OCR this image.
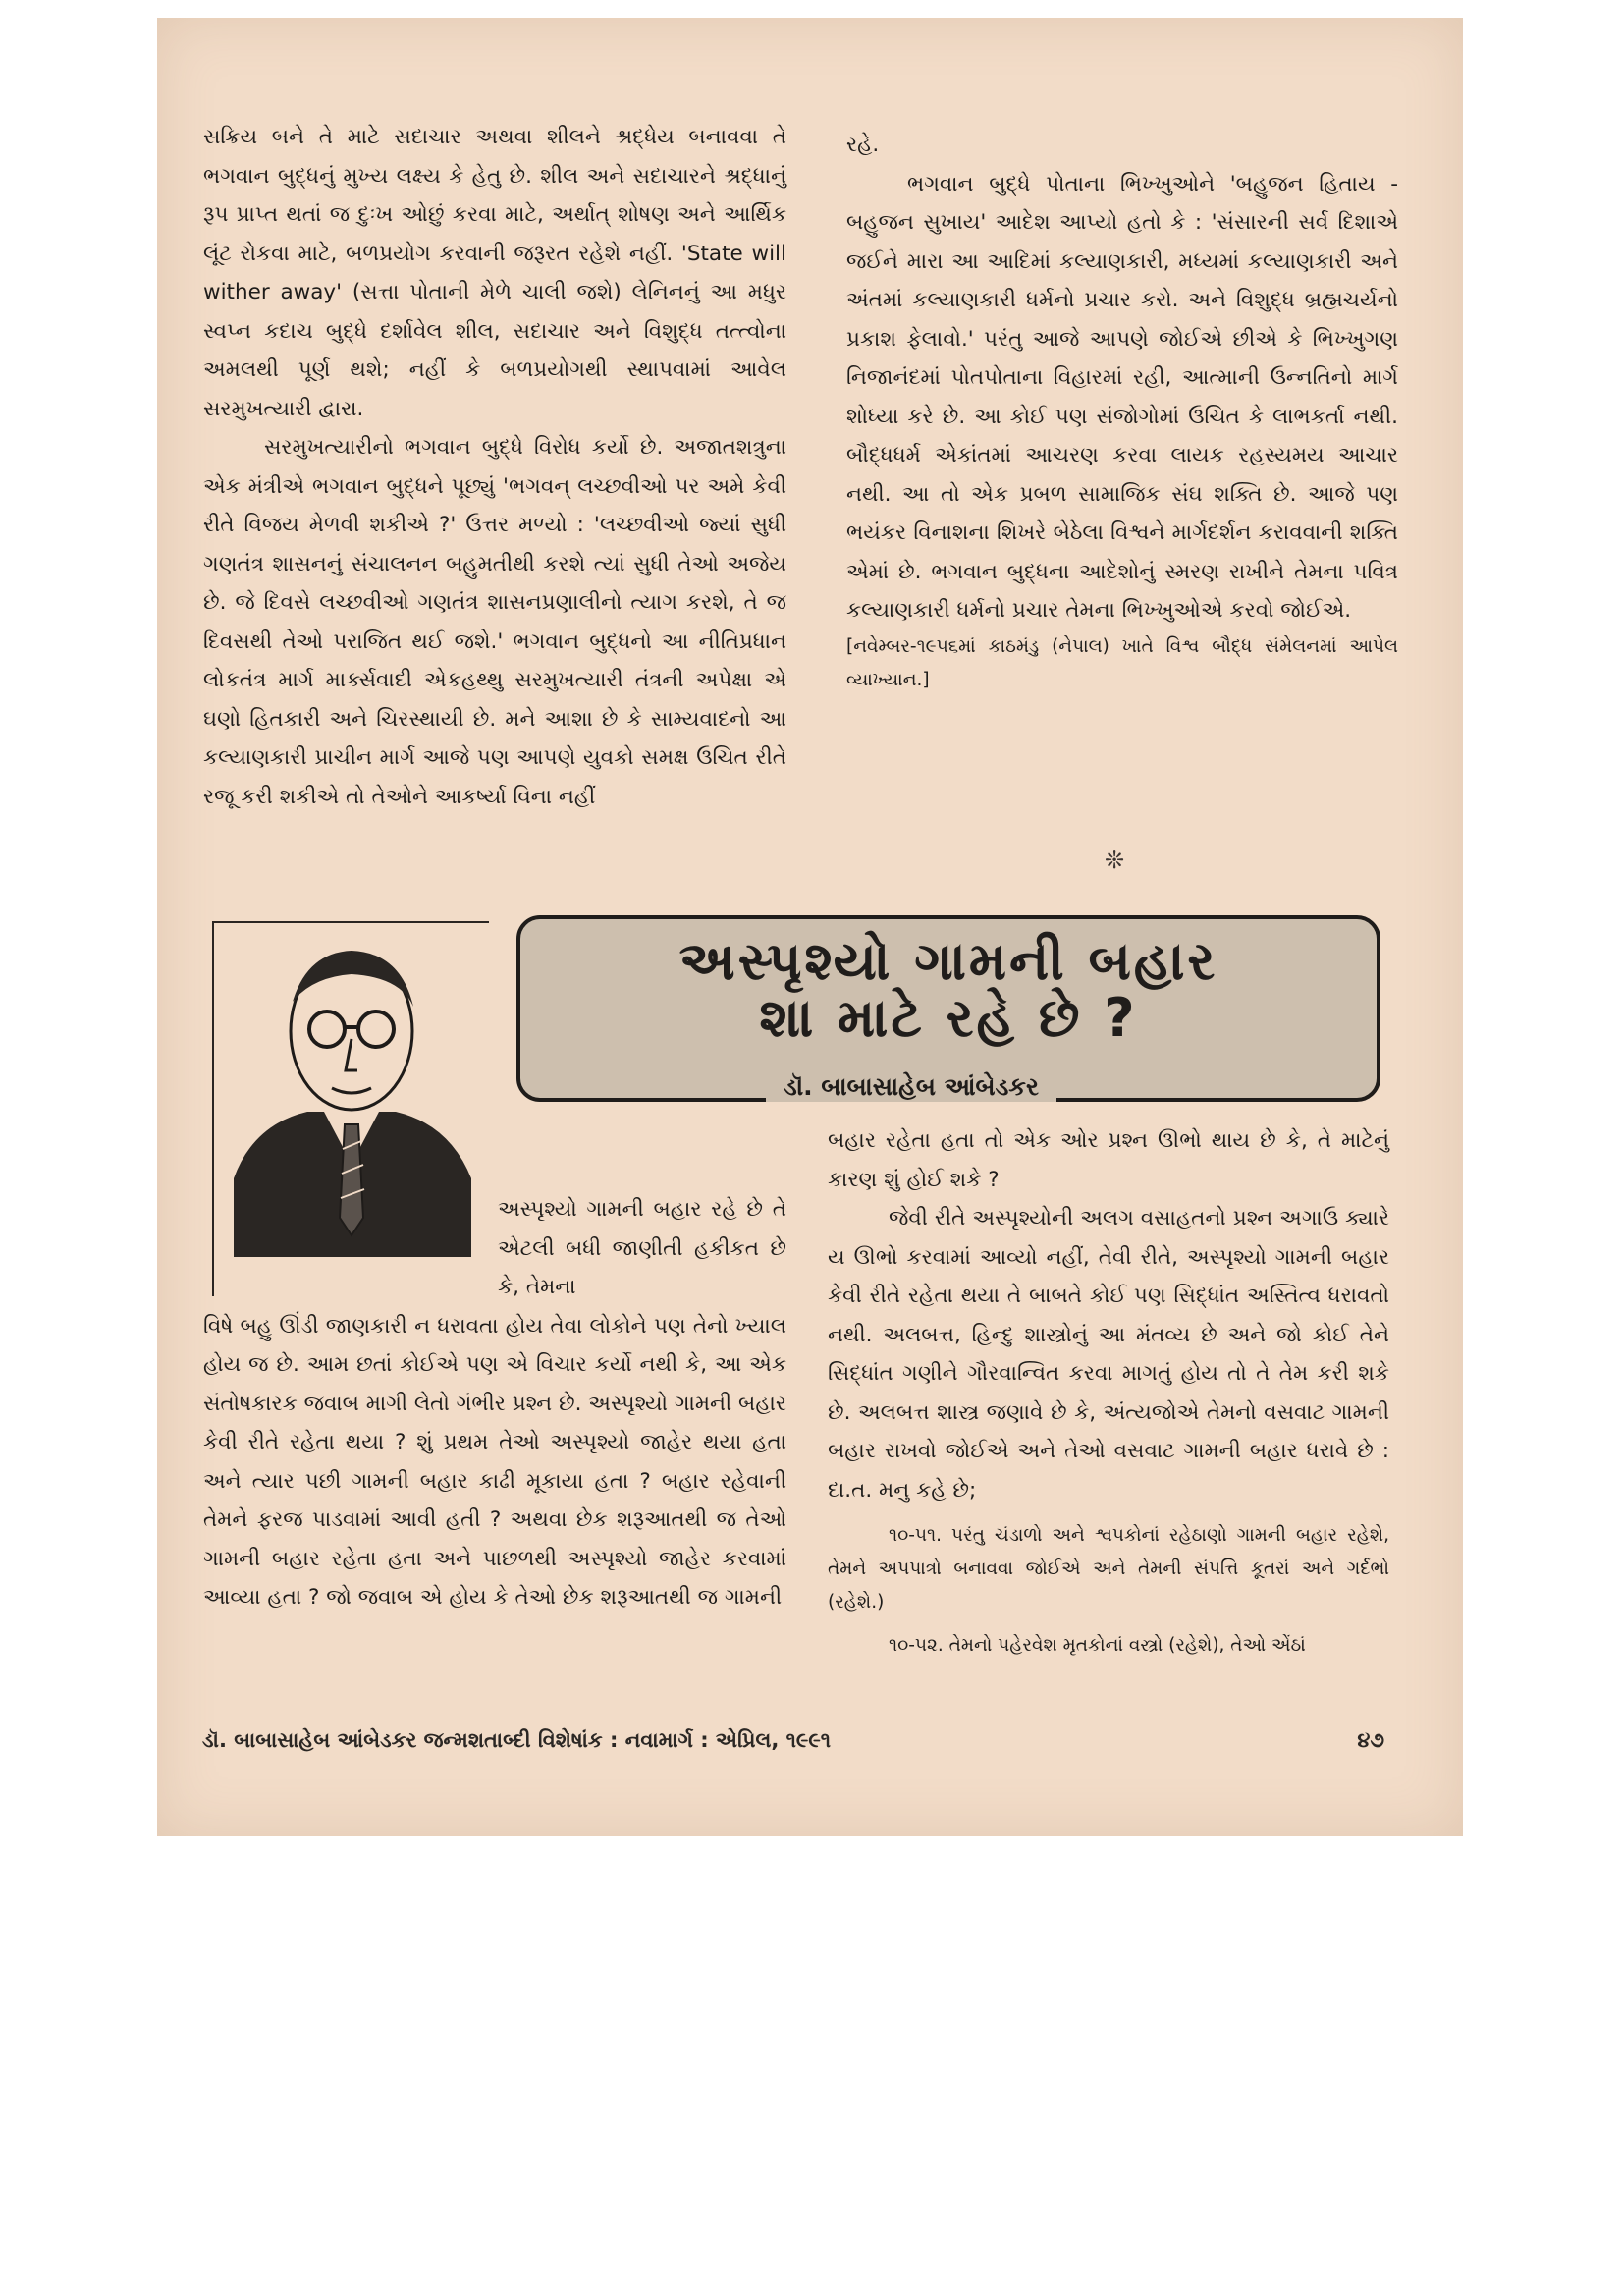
સક્રિય બને તે માટે સદાચાર અથવા શીલને શ્રદ્ધેય બનાવવા તે ભગવાન બુદ્ધનું મુખ્ય લક્ષ્ય કે હેતુ છે. શીલ અને સદાચારને શ્રદ્ધાનું રૂપ પ્રાપ્ત થતાં જ દુઃખ ઓછું કરવા માટે, અર્થાત્ શોષણ અને આર્થિક લૂંટ રોકવા માટે, બળપ્રયોગ કરવાની જરૂરત રહેશે નહીં. 'State will wither away' (સત્તા પોતાની મેળે ચાલી જશે) લેનિનનું આ મધુર સ્વપ્ન કદાચ બુદ્ધે દર્શાવેલ શીલ, સદાચાર અને વિશુદ્ધ તત્ત્વોના અમલથી પૂર્ણ થશે; નહીં કે બળપ્રયોગથી સ્થાપવામાં આવેલ સરમુખત્યારી દ્વારા.

સરમુખત્યારીનો ભગવાન બુદ્ધે વિરોધ કર્યો છે. અજાતશત્રુના એક મંત્રીએ ભગવાન બુદ્ધને પૂછ્યું 'ભગવન્ લચ્છવીઓ પર અમે કેવી રીતે વિજય મેળવી શકીએ ?' ઉત્તર મળ્યો : 'લચ્છવીઓ જ્યાં સુધી ગણતંત્ર શાસનનું સંચાલનન બહુમતીથી કરશે ત્યાં સુધી તેઓ અજેય છે. જે દિવસે લચ્છવીઓ ગણતંત્ર શાસનપ્રણાલીનો ત્યાગ કરશે, તે જ દિવસથી તેઓ પરાજિત થઈ જશે.' ભગવાન બુદ્ધનો આ નીતિપ્રધાન લોકતંત્ર માર્ગ માર્ક્સવાદી એકહથ્થુ સરમુખત્યારી તંત્રની અપેક્ષા એ ઘણો હિતકારી અને ચિરસ્થાયી છે. મને આશા છે કે સામ્યવાદનો આ કલ્યાણકારી પ્રાચીન માર્ગ આજે પણ આપણે યુવકો સમક્ષ ઉચિત રીતે રજૂ કરી શકીએ તો તેઓને આકર્ષ્યા વિના નહીં

રહે.

ભગવાન બુદ્ધે પોતાના ભિખ્ખુઓને 'બહુજન હિતાય - બહુજન સુખાય' આદેશ આપ્યો હતો કે : 'સંસારની સર્વ દિશાએ જઈને મારા આ આદિમાં કલ્યાણકારી, મધ્યમાં કલ્યાણકારી અને અંતમાં કલ્યાણકારી ધર્મનો પ્રચાર કરો. અને વિશુદ્ધ બ્રહ્મચર્યનો પ્રકાશ ફેલાવો.' પરંતુ આજે આપણે જોઈએ છીએ કે ભિખ્ખુગણ નિજાનંદમાં પોતપોતાના વિહારમાં રહી, આત્માની ઉન્નતિનો માર્ગ શોધ્યા કરે છે. આ કોઈ પણ સંજોગોમાં ઉચિત કે લાભકર્તા નથી. બૌદ્ધધર્મ એકાંતમાં આચરણ કરવા લાયક રહસ્યમય આચાર નથી. આ તો એક પ્રબળ સામાજિક સંઘ શક્તિ છે. આજે પણ ભયંકર વિનાશના શિખરે બેઠેલા વિશ્વને માર્ગદર્શન કરાવવાની શક્તિ એમાં છે. ભગવાન બુદ્ધના આદેશોનું સ્મરણ રાખીને તેમના પવિત્ર કલ્યાણકારી ધર્મનો પ્રચાર તેમના ભિખ્ખુઓએ કરવો જોઈએ.

[નવેમ્બર-૧૯૫૬માં કાઠમંડુ (નેપાલ) ખાતે વિશ્વ બૌદ્ધ સંમેલનમાં આપેલ વ્યાખ્યાન.]

❊
અસ્પૃશ્યો ગામની બહાર
શા માટે રહે છે ?
ડૉ. બાબાસાહેબ આંબેડકર

અસ્પૃશ્યો ગામની બહાર રહે છે તે એટલી બધી જાણીતી હકીકત છે કે, તેમના

વિષે બહુ ઊંડી જાણકારી ન ધરાવતા હોય તેવા લોકોને પણ તેનો ખ્યાલ હોય જ છે. આમ છતાં કોઈએ પણ એ વિચાર કર્યો નથી કે, આ એક સંતોષકારક જવાબ માગી લેતો ગંભીર પ્રશ્ન છે. અસ્પૃશ્યો ગામની બહાર કેવી રીતે રહેતા થયા ? શું પ્રથમ તેઓ અસ્પૃશ્યો જાહેર થયા હતા અને ત્યાર પછી ગામની બહાર કાઢી મૂકાયા હતા ? બહાર રહેવાની તેમને ફરજ પાડવામાં આવી હતી ? અથવા છેક શરૂઆતથી જ તેઓ ગામની બહાર રહેતા હતા અને પાછળથી અસ્પૃશ્યો જાહેર કરવામાં આવ્યા હતા ? જો જવાબ એ હોય કે તેઓ છેક શરૂઆતથી જ ગામની

બહાર રહેતા હતા તો એક ઓર પ્રશ્ન ઊભો થાય છે કે, તે માટેનું કારણ શું હોઈ શકે ?

જેવી રીતે અસ્પૃશ્યોની અલગ વસાહતનો પ્રશ્ન અગાઉ ક્યારે ય ઊભો કરવામાં આવ્યો નહીં, તેવી રીતે, અસ્પૃશ્યો ગામની બહાર કેવી રીતે રહેતા થયા તે બાબતે કોઈ પણ સિદ્ધાંત અસ્તિત્વ ધરાવતો નથી. અલબત્ત, હિન્દુ શાસ્ત્રોનું આ મંતવ્ય છે અને જો કોઈ તેને સિદ્ધાંત ગણીને ગૌરવાન્વિત કરવા માગતું હોય તો તે તેમ કરી શકે છે. અલબત્ત શાસ્ત્ર જણાવે છે કે, અંત્યજોએ તેમનો વસવાટ ગામની બહાર રાખવો જોઈએ અને તેઓ વસવાટ ગામની બહાર ધરાવે છે : દા.ત. મનુ કહે છે;

૧૦-૫૧. પરંતુ ચંડાળો અને શ્વપકોનાં રહેઠાણો ગામની બહાર રહેશે, તેમને અપપાત્રો બનાવવા જોઈએ અને તેમની સંપત્તિ કૂતરાં અને ગર્દભો (રહેશે.)

૧૦-૫૨. તેમનો પહેરવેશ મૃતકોનાં વસ્ત્રો (રહેશે), તેઓ એંઠાં

ડૉ. બાબાસાહેબ આંબેડકર જન્મશતાબ્દી વિશેષાંક : નવામાર્ગ : એપ્રિલ, ૧૯૯૧	૪૭
